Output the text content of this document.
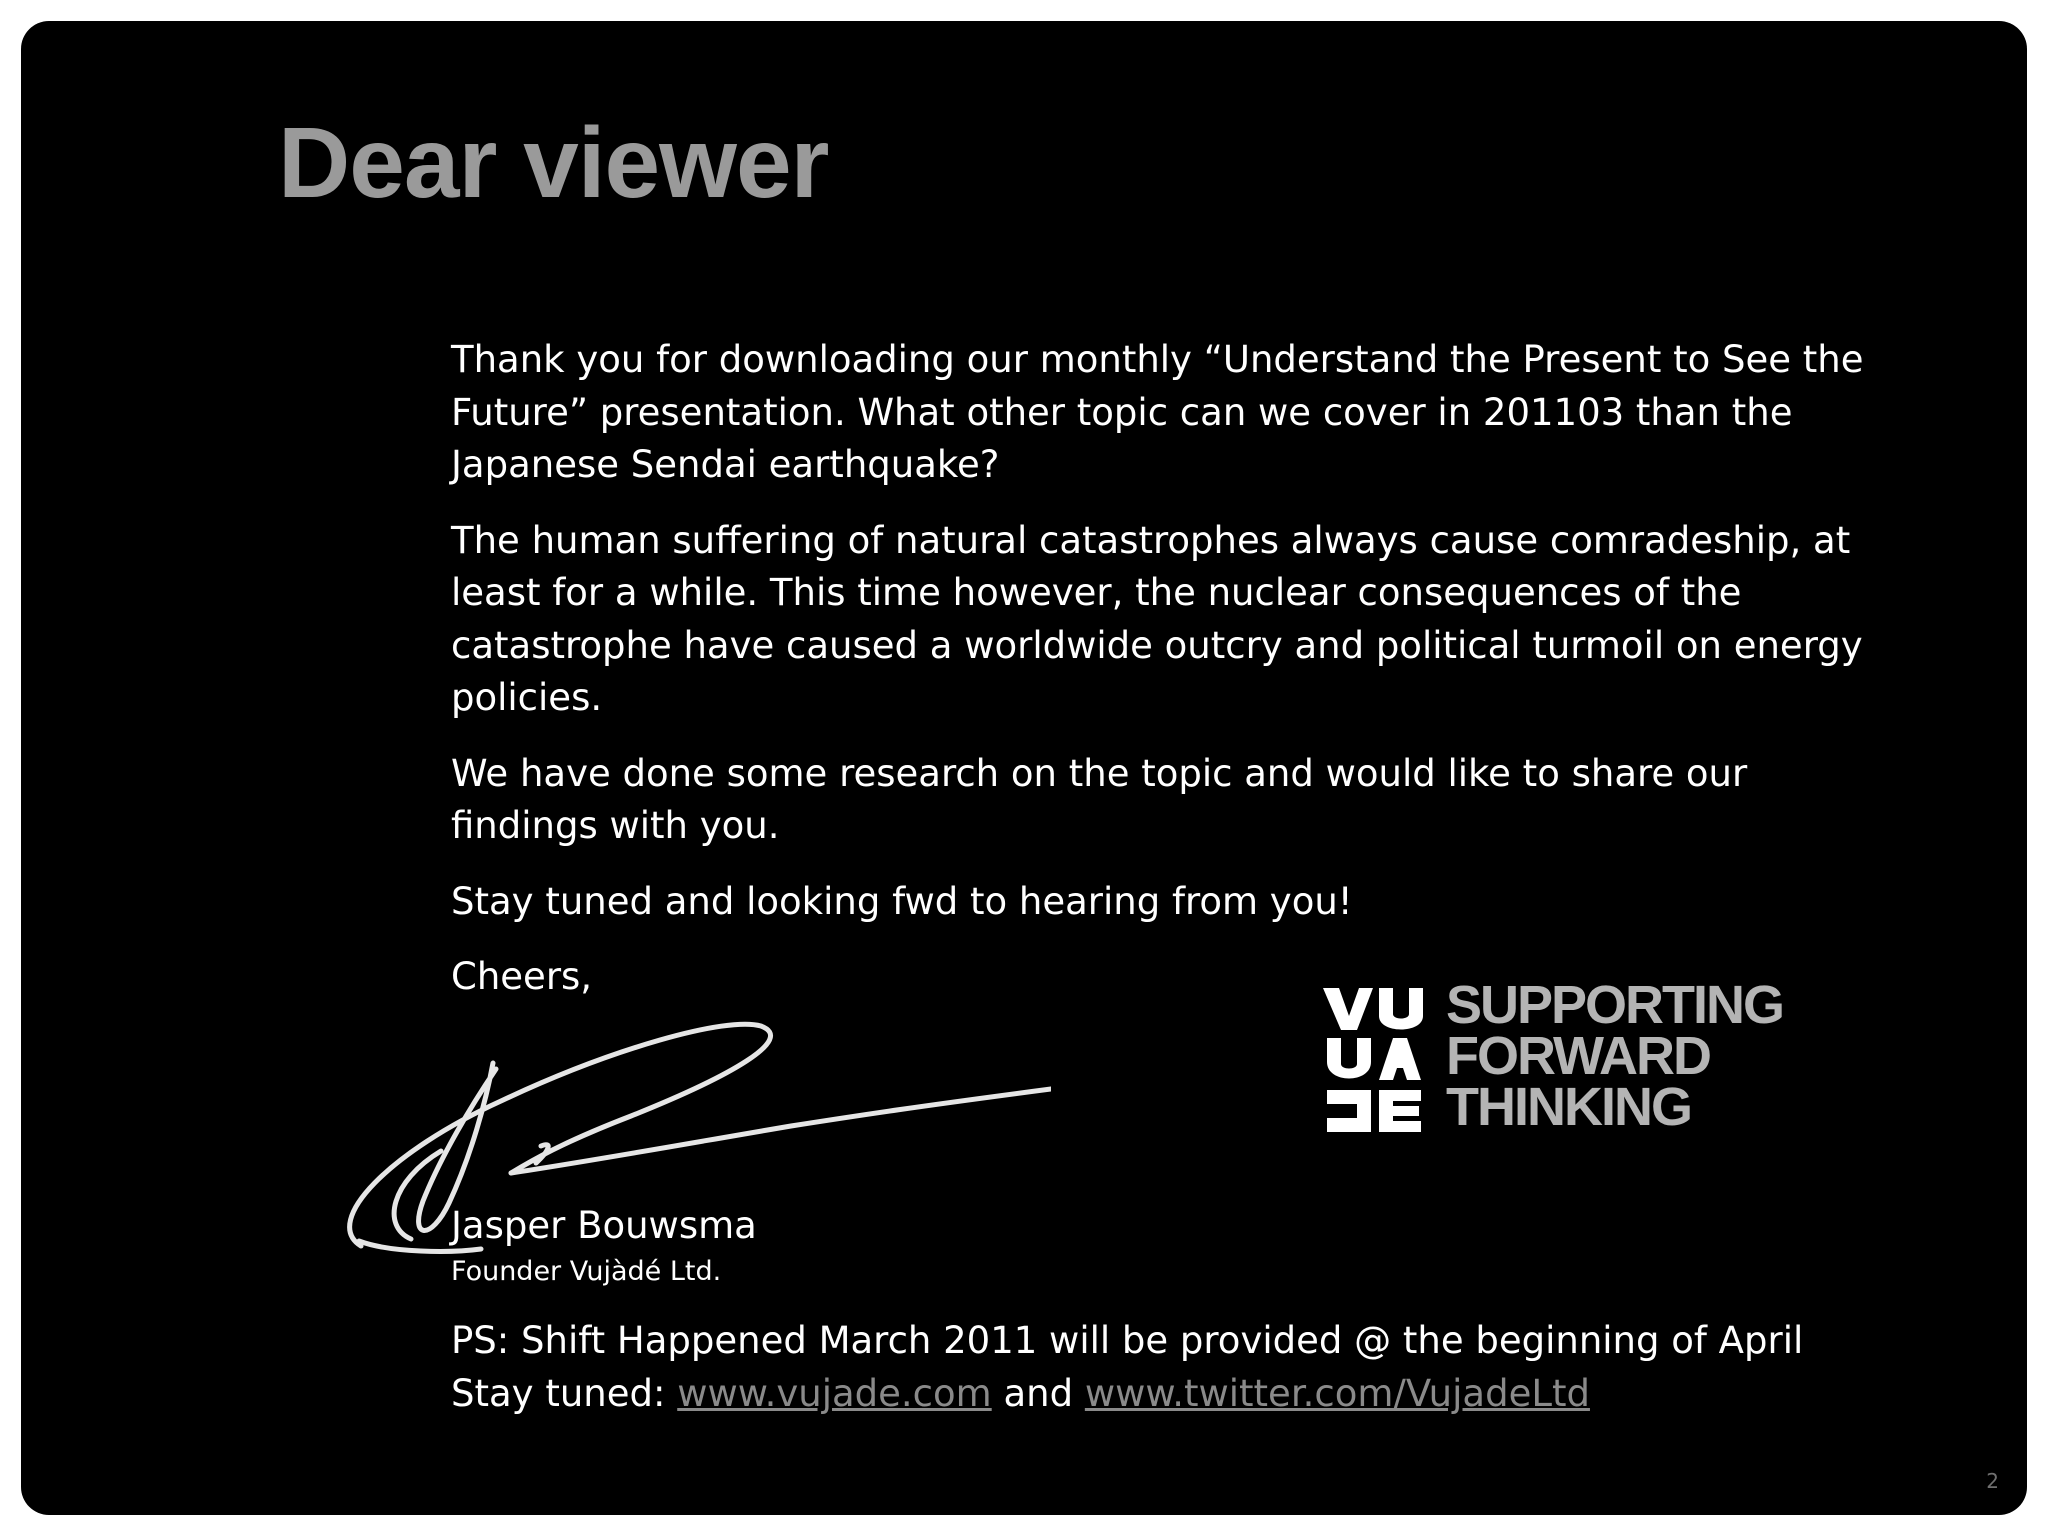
Dear viewer

Thank you for downloading our monthly “Understand the Present to See the
Future” presentation. What other topic can we cover in 201103 than the
Japanese Sendai earthquake?

The human suffering of natural catastrophes always cause comradeship, at
least for a while. This time however, the nuclear consequences of the
catastrophe have caused a worldwide outcry and political turmoil on energy
policies.

We have done some research on the topic and would like to share our
findings with you.

Stay tuned and looking fwd to hearing from you!

Cheers,

Jasper Bouwsma
Founder Vujàdé Ltd.
PS: Shift Happened March 2011 will be provided @ the beginning of April
Stay tuned: www.vujade.com and www.twitter.com/VujadeLtd
SUPPORTING
FORWARD
THINKING
2
